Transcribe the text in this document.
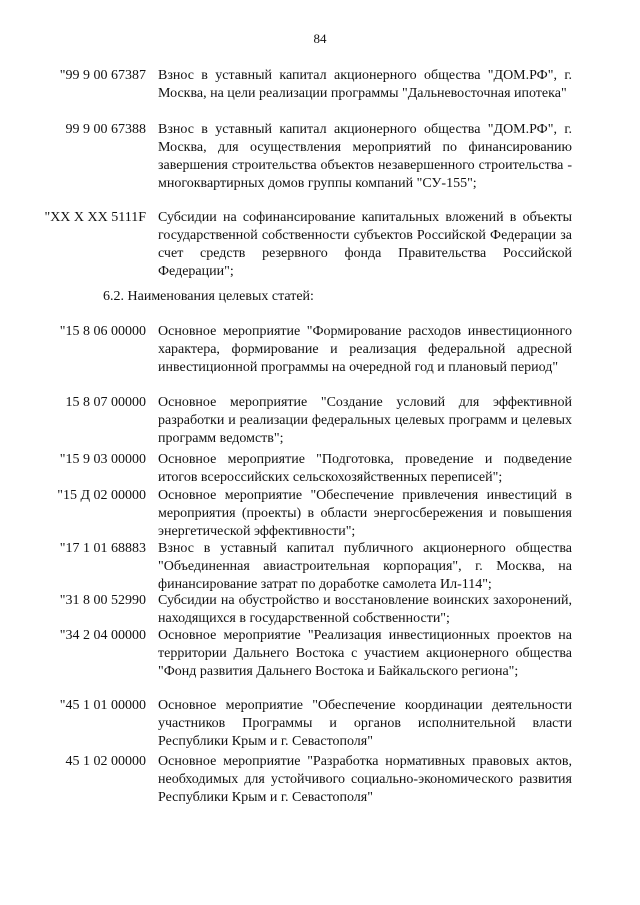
84
"99 9 00 67387 Взнос в уставный капитал акционерного общества "ДОМ.РФ", г. Москва, на цели реализации программы "Дальневосточная ипотека"
99 9 00 67388 Взнос в уставный капитал акционерного общества "ДОМ.РФ", г. Москва, для осуществления мероприятий по финансированию завершения строительства объектов незавершенного строительства - многоквартирных домов группы компаний "СУ-155";
"XX X XX 5111F Субсидии на софинансирование капитальных вложений в объекты государственной собственности субъектов Российской Федерации за счет средств резервного фонда Правительства Российской Федерации";
6.2. Наименования целевых статей:
"15 8 06 00000 Основное мероприятие "Формирование расходов инвестиционного характера, формирование и реализация федеральной адресной инвестиционной программы на очередной год и плановый период"
15 8 07 00000 Основное мероприятие "Создание условий для эффективной разработки и реализации федеральных целевых программ и целевых программ ведомств";
"15 9 03 00000 Основное мероприятие "Подготовка, проведение и подведение итогов всероссийских сельскохозяйственных переписей";
"15 Д 02 00000 Основное мероприятие "Обеспечение привлечения инвестиций в мероприятия (проекты) в области энергосбережения и повышения энергетической эффективности";
"17 1 01 68883 Взнос в уставный капитал публичного акционерного общества "Объединенная авиастроительная корпорация", г. Москва, на финансирование затрат по доработке самолета Ил-114";
"31 8 00 52990 Субсидии на обустройство и восстановление воинских захоронений, находящихся в государственной собственности";
"34 2 04 00000 Основное мероприятие "Реализация инвестиционных проектов на территории Дальнего Востока с участием акционерного общества "Фонд развития Дальнего Востока и Байкальского региона";
"45 1 01 00000 Основное мероприятие "Обеспечение координации деятельности участников Программы и органов исполнительной власти Республики Крым и г. Севастополя"
45 1 02 00000 Основное мероприятие "Разработка нормативных правовых актов, необходимых для устойчивого социально-экономического развития Республики Крым и г. Севастополя"
